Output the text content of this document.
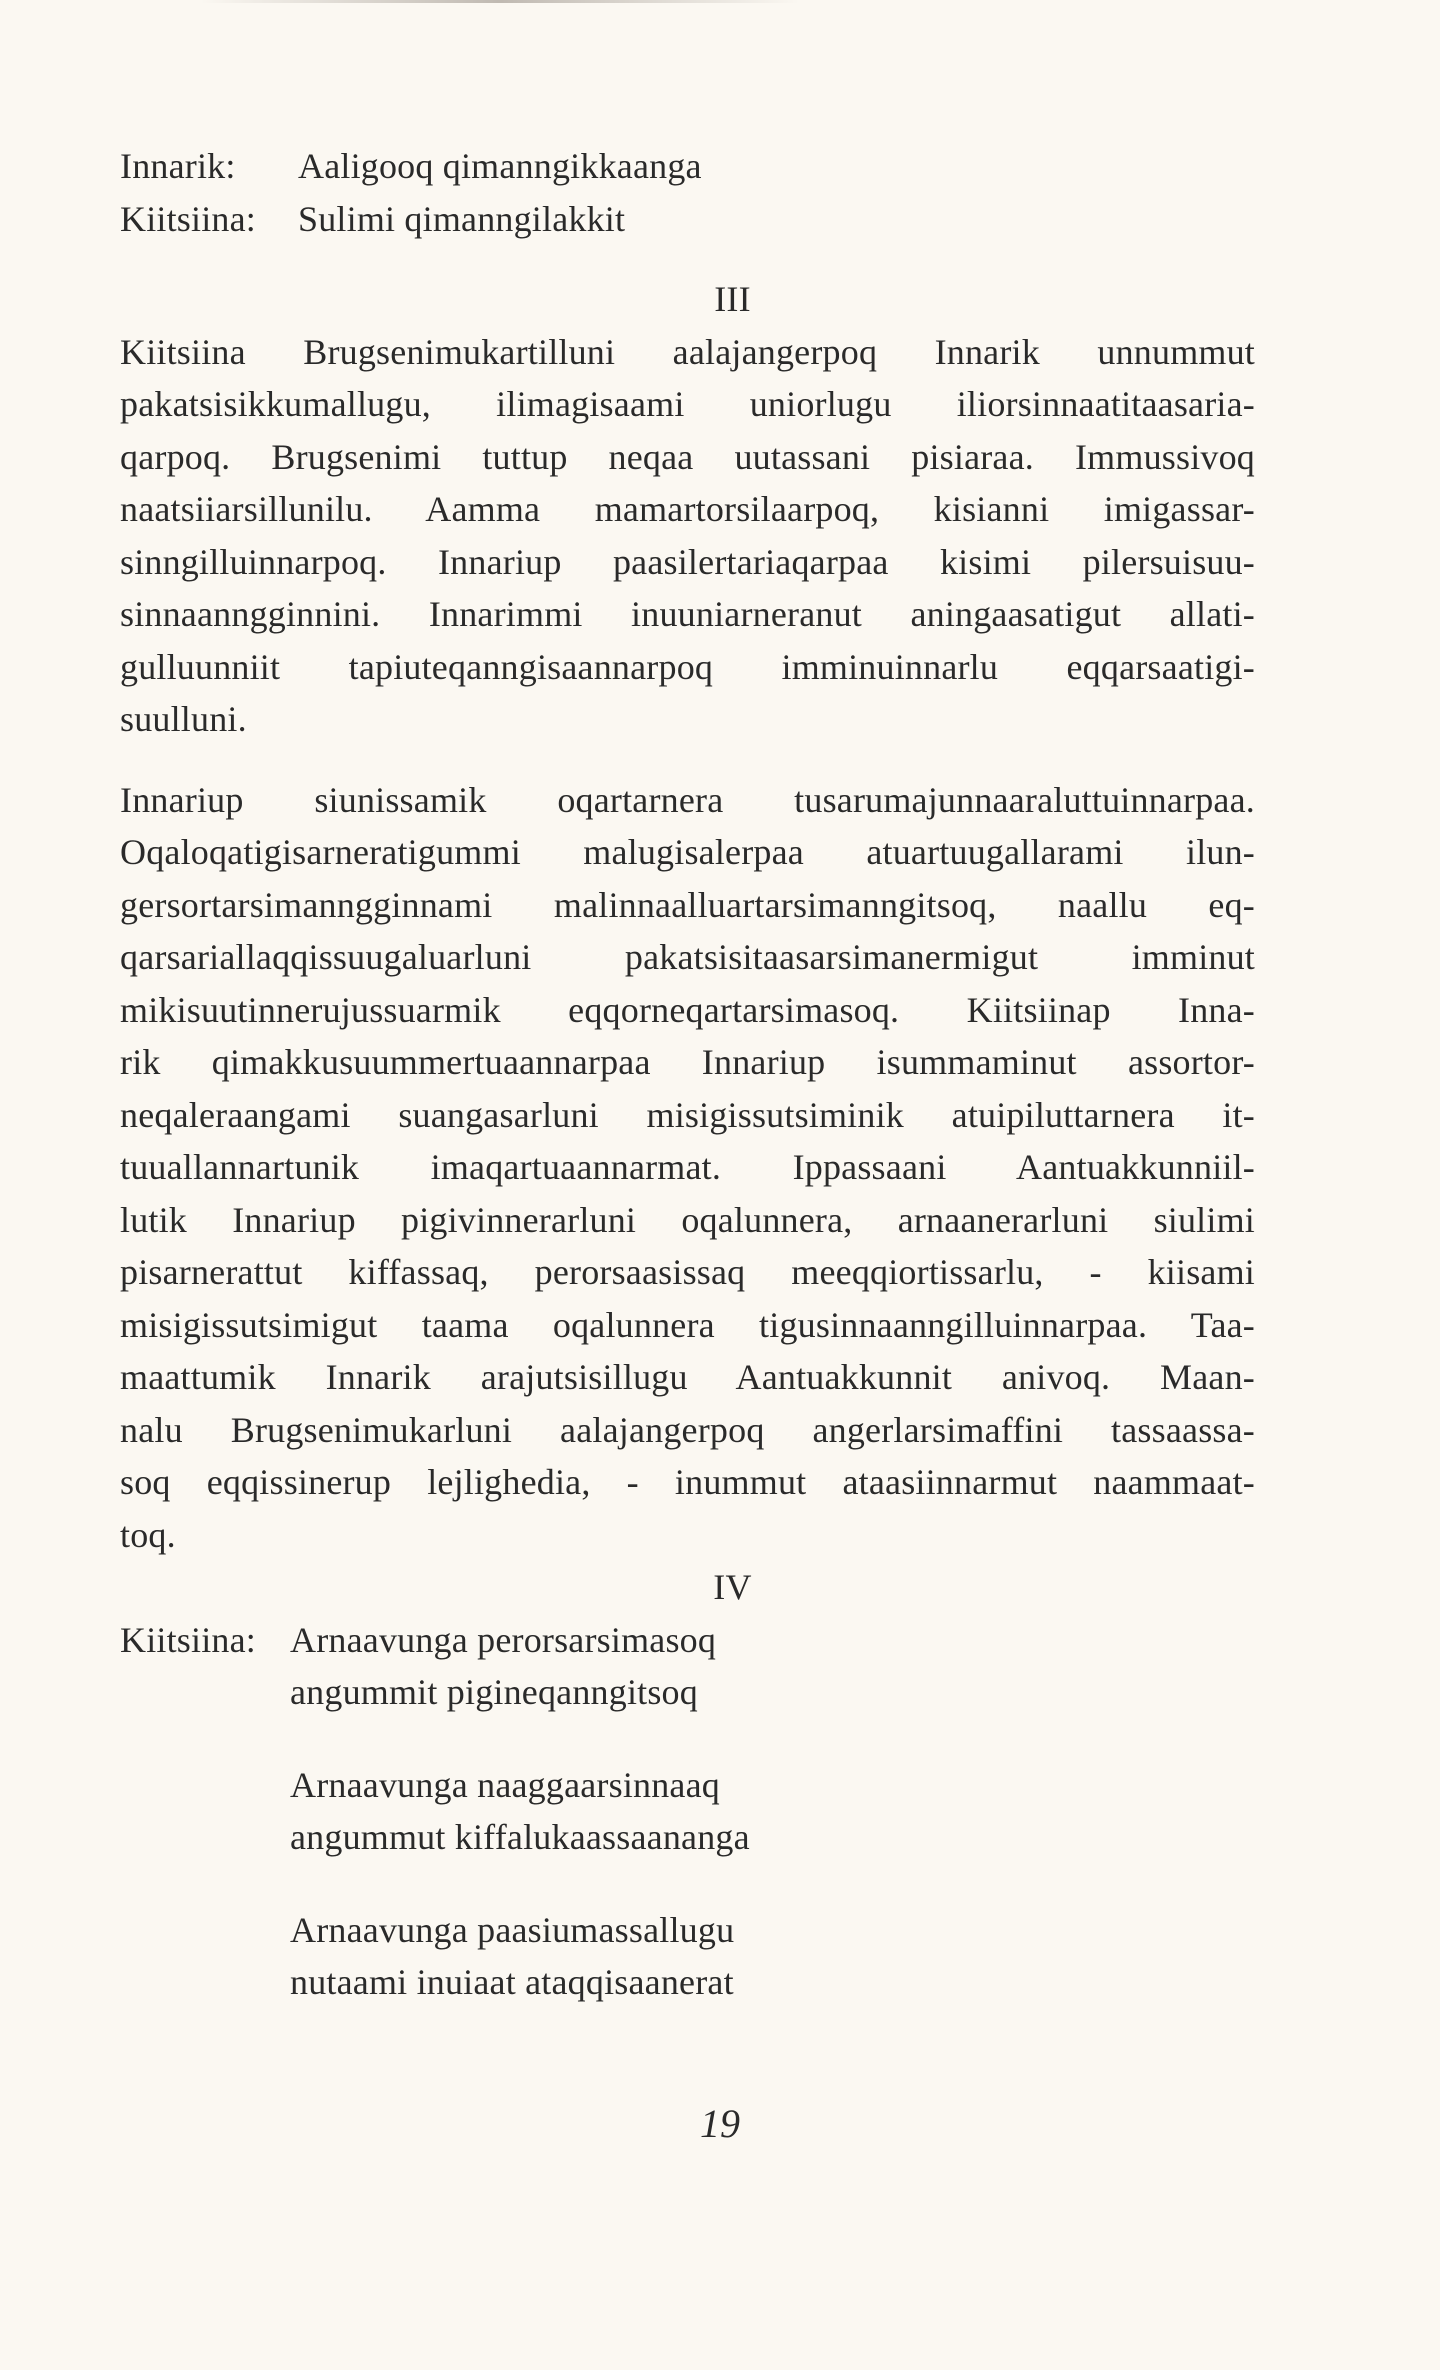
Innarik:	Aaligooq qimanngikkaanga
Kiitsiina:	Sulimi qimanngilakkit
III
Kiitsiina Brugsenimukartilluni aalajangerpoq Innarik unnummut
pakatsisikkumallugu, ilimagisaami uniorlugu iliorsinnaatitaasaria-
qarpoq. Brugsenimi tuttup neqaa uutassani pisiaraa. Immussivoq
naatsiiarsillunilu. Aamma mamartorsilaarpoq, kisianni imigassar-
sinngilluinnarpoq. Innariup paasilertariaqarpaa kisimi pilersuisuu-
sinnaanngginnini. Innarimmi inuuniarneranut aningaasatigut allati-
gulluunniit tapiuteqanngisaannarpoq imminuinnarlu eqqarsaatigi-
suulluni.
Innariup siunissamik oqartarnera tusarumajunnaaraluttuinnarpaa.
Oqaloqatigisarneratigummi malugisalerpaa atuartuugallarami ilun-
gersortarsimanngginnami malinnaalluartarsimanngitsoq, naallu eq-
qarsariallaqqissuugaluarluni pakatsisitaasarsimanermigut imminut
mikisuutinnerujussuarmik eqqorneqartarsimasoq. Kiitsiinap Inna-
rik qimakkusuummertuaannarpaa Innariup isummaminut assortor-
neqaleraangami suangasarluni misigissutsiminik atuipiluttarnera it-
tuuallannartunik imaqartuaannarmat. Ippassaani Aantuakkunniil-
lutik Innariup pigivinnerarluni oqalunnera, arnaanerarluni siulimi
pisarnerattut kiffassaq, perorsaasissaq meeqqiortissarlu, - kiisami
misigissutsimigut taama oqalunnera tigusinnaanngilluinnarpaa. Taa-
maattumik Innarik arajutsisillugu Aantuakkunnit anivoq. Maan-
nalu Brugsenimukarluni aalajangerpoq angerlarsimaffini tassaassa-
soq eqqissinerup lejlighedia, - inummut ataasiinnarmut naammaat-
toq.
IV
Kiitsiina: Arnaavunga perorsarsimasoq
angummit pigineqanngitsoq
Arnaavunga naaggaarsinnaaq
angummut kiffalukaassaananga
Arnaavunga paasiumassallugu
nutaami inuiaat ataqqisaanerat
19
